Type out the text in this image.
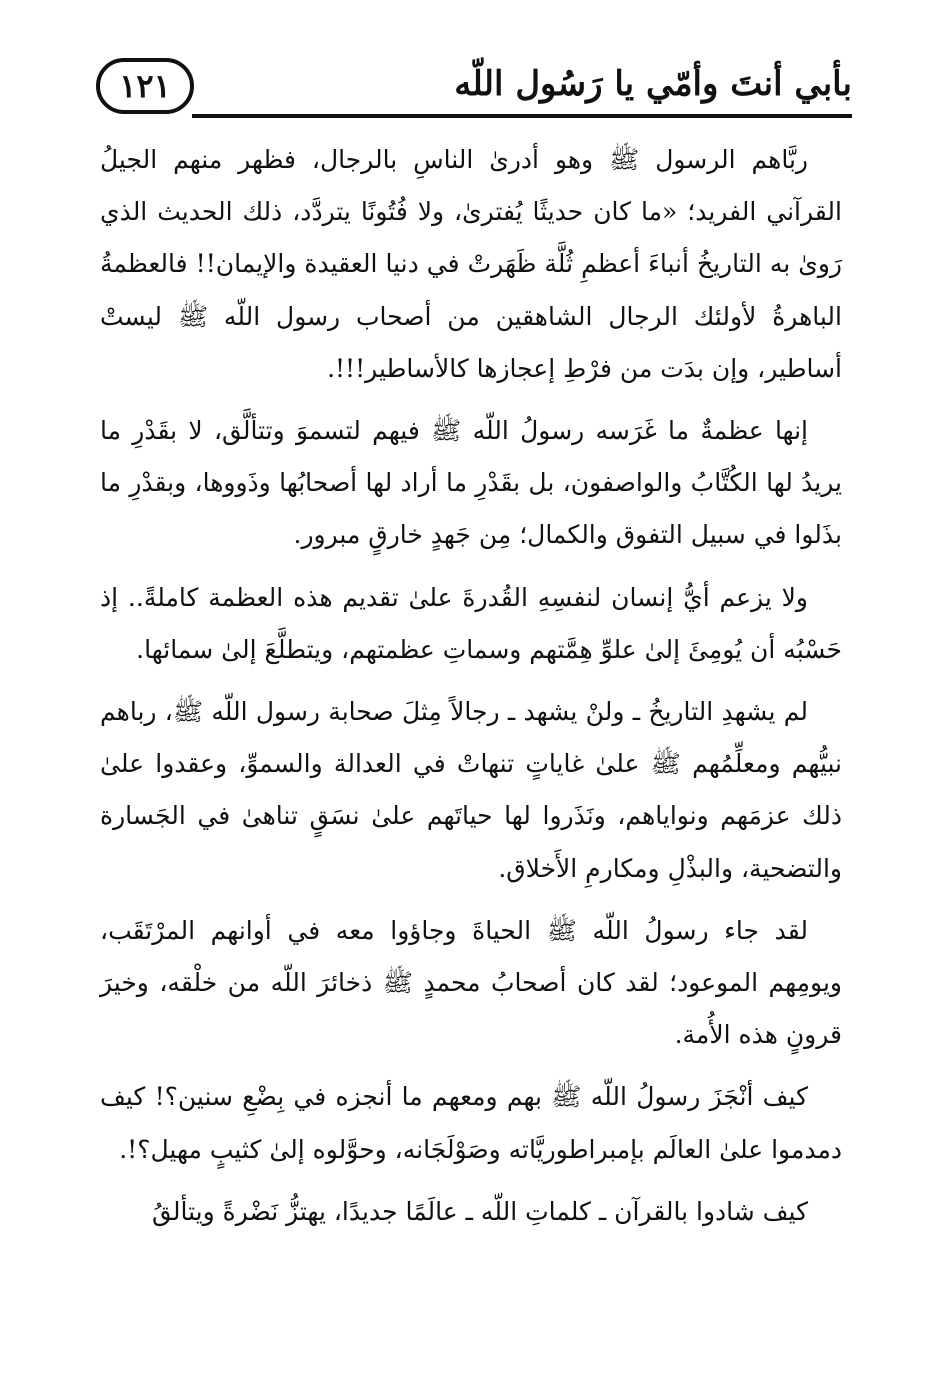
بأبي أنتَ وأمّي يا رَسُول اللّه
١٢١

ربَّاهم الرسول ﷺ وهو أدرىٰ الناسِ بالرجال، فظهر منهم الجيلُ القرآني الفريد؛ «ما كان حديثًا يُفترىٰ، ولا فُتُونًا يتردَّد، ذلك الحديث الذي رَوىٰ به التاريخُ أنباءَ أعظمِ ثُلَّة ظَهَرتْ في دنيا العقيدة والإيمان!! فالعظمةُ الباهرةُ لأولئك الرجال الشاهقين من أصحاب رسول اللّه ﷺ ليستْ أساطير، وإن بدَت من فرْطِ إعجازها كالأساطير!!!.

إنها عظمةٌ ما غَرَسه رسولُ اللّه ﷺ فيهم لتسموَ وتتألَّق، لا بقَدْرِ ما يريدُ لها الكُتَّابُ والواصفون، بل بقَدْرِ ما أراد لها أصحابُها وذَووها، وبقدْرِ ما بذَلوا في سبيل التفوق والكمال؛ مِن جَهدٍ خارقٍ مبرور.

ولا يزعم أيُّ إنسان لنفسِهِ القُدرةَ علىٰ تقديم هذه العظمة كاملةً.. إذ حَسْبُه أن يُومِئَ إلىٰ علوِّ هِمَّتهم وسماتِ عظمتهم، ويتطلَّعَ إلىٰ سمائها.

لم يشهدِ التاريخُ ـ ولنْ يشهد ـ رجالاً مِثلَ صحابة رسول اللّه ﷺ، رباهم نبيُّهم ومعلِّمُهم ﷺ علىٰ غاياتٍ تنهاتْ في العدالة والسموِّ، وعقدوا علىٰ ذلك عزمَهم ونواياهم، ونَذَروا لها حياتَهم علىٰ نسَقٍ تناهىٰ في الجَسارة والتضحية، والبذْلِ ومكارمِ الأَخلاق.

لقد جاء رسولُ اللّه ﷺ الحياةَ وجاؤوا معه في أوانهم المرْتَقَب، ويومِهم الموعود؛ لقد كان أصحابُ محمدٍ ﷺ ذخائرَ اللّه من خلْقه، وخيرَ قرونٍ هذه الأُمة.

كيف أنْجَزَ رسولُ اللّه ﷺ بهم ومعهم ما أنجزه في بِضْعِ سنين؟! كيف دمدموا علىٰ العالَم بإمبراطوريَّاته وصَوْلَجَانه، وحوَّلوه إلىٰ كثيبٍ مهيل؟!.

كيف شادوا بالقرآن ـ كلماتِ اللّه ـ عالَمًا جديدًا، يهتزُّ نَضْرةً ويتألقُ
